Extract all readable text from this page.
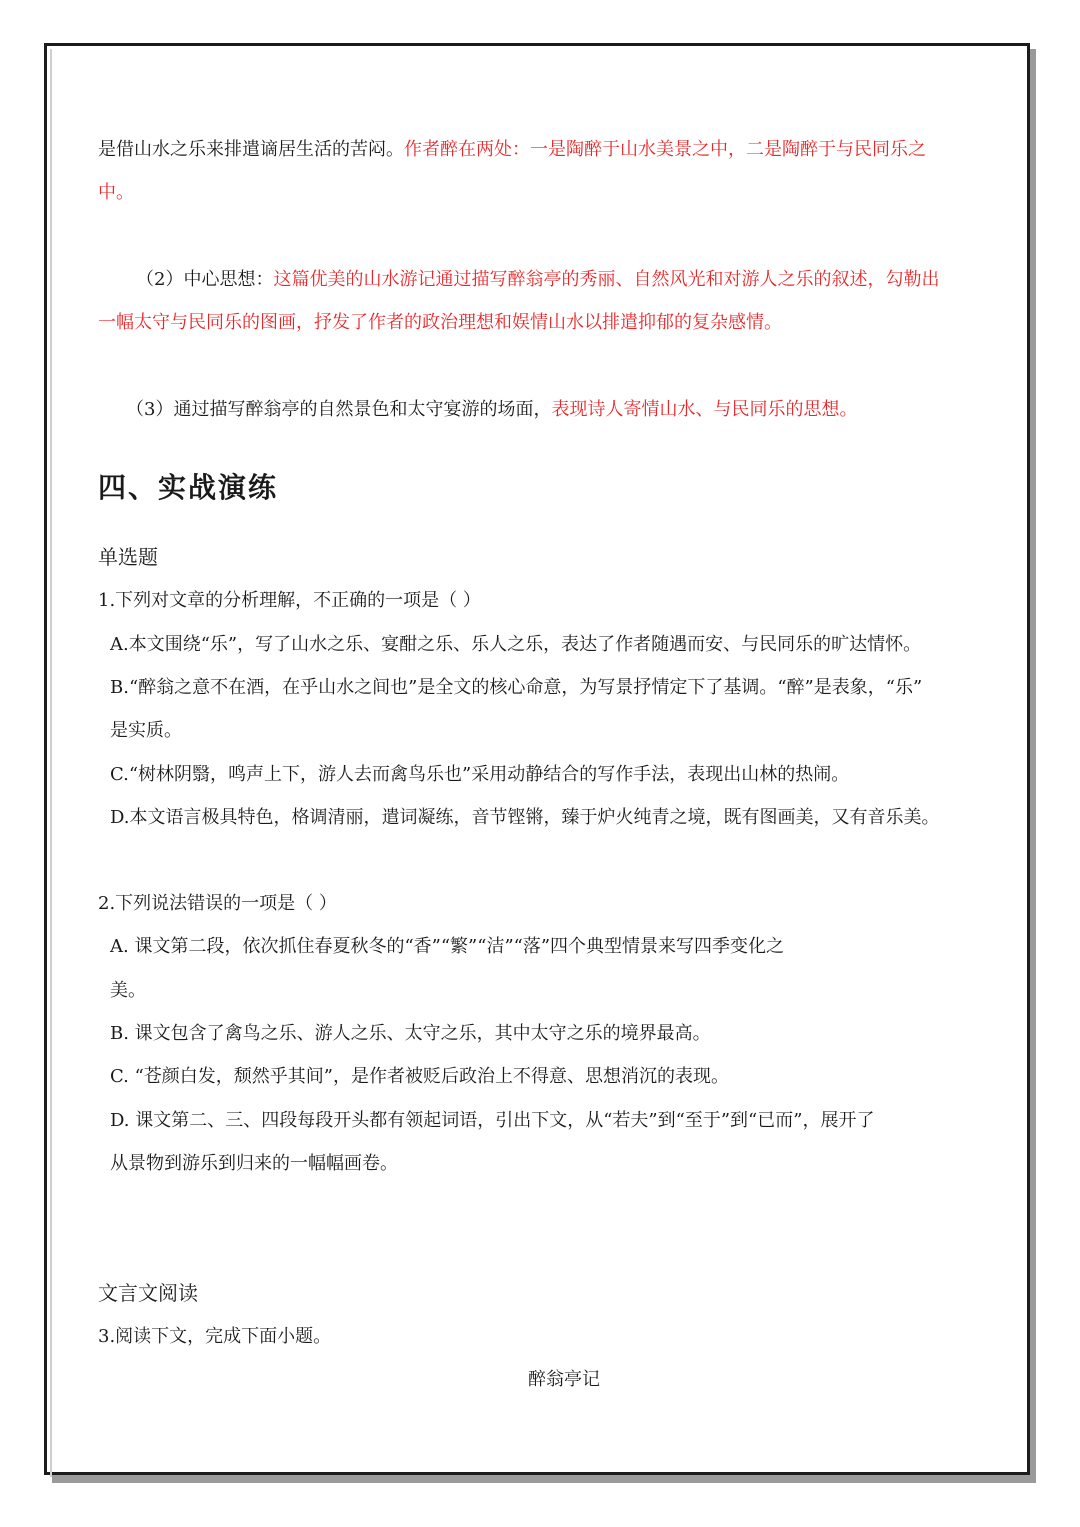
是借山水之乐来排遣谪居生活的苦闷。作者醉在两处：一是陶醉于山水美景之中，二是陶醉于与民同乐之
中。
（2）中心思想：这篇优美的山水游记通过描写醉翁亭的秀丽、自然风光和对游人之乐的叙述，勾勒出
一幅太守与民同乐的图画，抒发了作者的政治理想和娱情山水以排遣抑郁的复杂感情。
（3）通过描写醉翁亭的自然景色和太守宴游的场面，表现诗人寄情山水、与民同乐的思想。
四、实战演练
单选题
1.下列对文章的分析理解，不正确的一项是（ ）
A.本文围绕“乐”，写了山水之乐、宴酣之乐、乐人之乐，表达了作者随遇而安、与民同乐的旷达情怀。
B.“醉翁之意不在酒，在乎山水之间也”是全文的核心命意，为写景抒情定下了基调。“醉”是表象，“乐”
是实质。
C.“树林阴翳，鸣声上下，游人去而禽鸟乐也”采用动静结合的写作手法，表现出山林的热闹。
D.本文语言极具特色，格调清丽，遣词凝练，音节铿锵，臻于炉火纯青之境，既有图画美，又有音乐美。
2.下列说法错误的一项是（ ）
A. 课文第二段，依次抓住春夏秋冬的“香”“繁”“洁”“落”四个典型情景来写四季变化之
美。
B. 课文包含了禽鸟之乐、游人之乐、太守之乐，其中太守之乐的境界最高。
C. “苍颜白发，颓然乎其间”，是作者被贬后政治上不得意、思想消沉的表现。
D. 课文第二、三、四段每段开头都有领起词语，引出下文，从“若夫”到“至于”到“已而”，展开了
从景物到游乐到归来的一幅幅画卷。
文言文阅读
3.阅读下文，完成下面小题。
醉翁亭记
